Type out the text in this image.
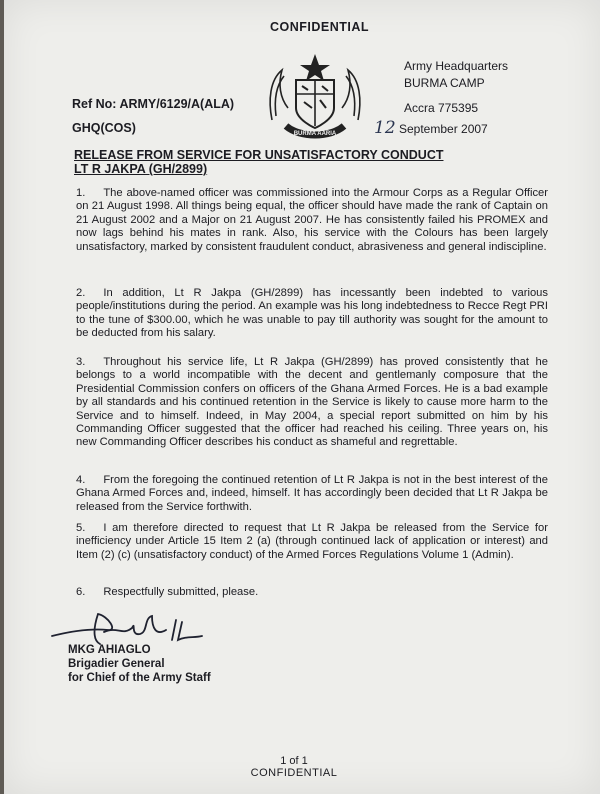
CONFIDENTIAL
BURMA AARIA
Army Headquarters
BURMA CAMP
Accra 775395
Ref No: ARMY/6129/A(ALA)
GHQ(COS)	12 September 2007
RELEASE FROM SERVICE FOR UNSATISFACTORY CONDUCT
LT R JAKPA (GH/2899)
1. The above-named officer was commissioned into the Armour Corps as a Regular Officer on 21 August 1998. All things being equal, the officer should have made the rank of Captain on 21 August 2002 and a Major on 21 August 2007. He has consistently failed his PROMEX and now lags behind his mates in rank. Also, his service with the Colours has been largely unsatisfactory, marked by consistent fraudulent conduct, abrasiveness and general indiscipline.
2. In addition, Lt R Jakpa (GH/2899) has incessantly been indebted to various people/institutions during the period. An example was his long indebtedness to Recce Regt PRI to the tune of $300.00, which he was unable to pay till authority was sought for the amount to be deducted from his salary.
3. Throughout his service life, Lt R Jakpa (GH/2899) has proved consistently that he belongs to a world incompatible with the decent and gentlemanly composure that the Presidential Commission confers on officers of the Ghana Armed Forces. He is a bad example by all standards and his continued retention in the Service is likely to cause more harm to the Service and to himself. Indeed, in May 2004, a special report submitted on him by his Commanding Officer suggested that the officer had reached his ceiling. Three years on, his new Commanding Officer describes his conduct as shameful and regrettable.
4. From the foregoing the continued retention of Lt R Jakpa is not in the best interest of the Ghana Armed Forces and, indeed, himself. It has accordingly been decided that Lt R Jakpa be released from the Service forthwith.
5. I am therefore directed to request that Lt R Jakpa be released from the Service for inefficiency under Article 15 Item 2 (a) (through continued lack of application or interest) and Item (2) (c) (unsatisfactory conduct) of the Armed Forces Regulations Volume 1 (Admin).
6. Respectfully submitted, please.
MKG AHIAGLO
Brigadier General
for Chief of the Army Staff
1 of 1
CONFIDENTIAL
